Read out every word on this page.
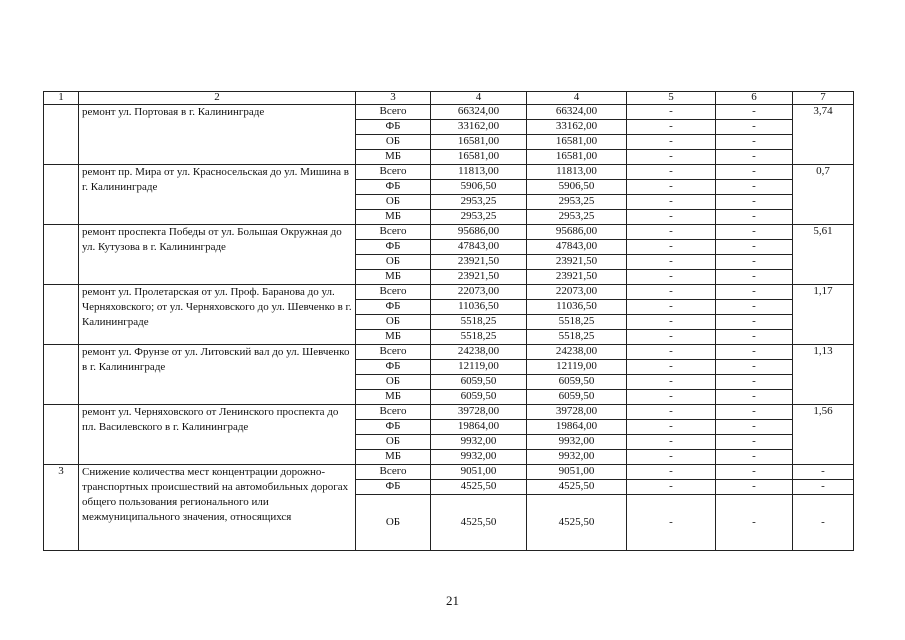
1	2	3	4	4	5	6	7
	ремонт ул. Портовая в г. Калининграде	Всего	66324,00	66324,00	-	-	3,74
		ФБ	33162,00	33162,00	-	-	
		ОБ	16581,00	16581,00	-	-	
		МБ	16581,00	16581,00	-	-	
	ремонт пр. Мира от ул. Красносельская до ул. Мишина в г. Калининграде	Всего	11813,00	11813,00	-	-	0,7
		ФБ	5906,50	5906,50	-	-	
		ОБ	2953,25	2953,25	-	-	
		МБ	2953,25	2953,25	-	-	
	ремонт проспекта Победы от ул. Большая Окружная до ул. Кутузова в г. Калининграде	Всего	95686,00	95686,00	-	-	5,61
		ФБ	47843,00	47843,00	-	-	
		ОБ	23921,50	23921,50	-	-	
		МБ	23921,50	23921,50	-	-	
	ремонт ул. Пролетарская от ул. Проф. Баранова до ул. Черняховского; от ул. Черняховского до ул. Шевченко в г. Калининграде	Всего	22073,00	22073,00	-	-	1,17
		ФБ	11036,50	11036,50	-	-	
		ОБ	5518,25	5518,25	-	-	
		МБ	5518,25	5518,25	-	-	
	ремонт ул. Фрунзе от ул. Литовский вал до ул. Шевченко в г. Калининграде	Всего	24238,00	24238,00	-	-	1,13
		ФБ	12119,00	12119,00	-	-	
		ОБ	6059,50	6059,50	-	-	
		МБ	6059,50	6059,50	-	-	
	ремонт ул. Черняховского от Ленинского проспекта до пл. Василевского в г. Калининграде	Всего	39728,00	39728,00	-	-	1,56
		ФБ	19864,00	19864,00	-	-	
		ОБ	9932,00	9932,00	-	-	
		МБ	9932,00	9932,00	-	-	
3	Снижение количества мест концентрации дорожно-транспортных происшествий на автомобильных дорогах общего пользования регионального или межмуниципального значения, относящихся	Всего	9051,00	9051,00	-	-	-
		ФБ	4525,50	4525,50	-	-	-
		ОБ	4525,50	4525,50	-	-	-
21
